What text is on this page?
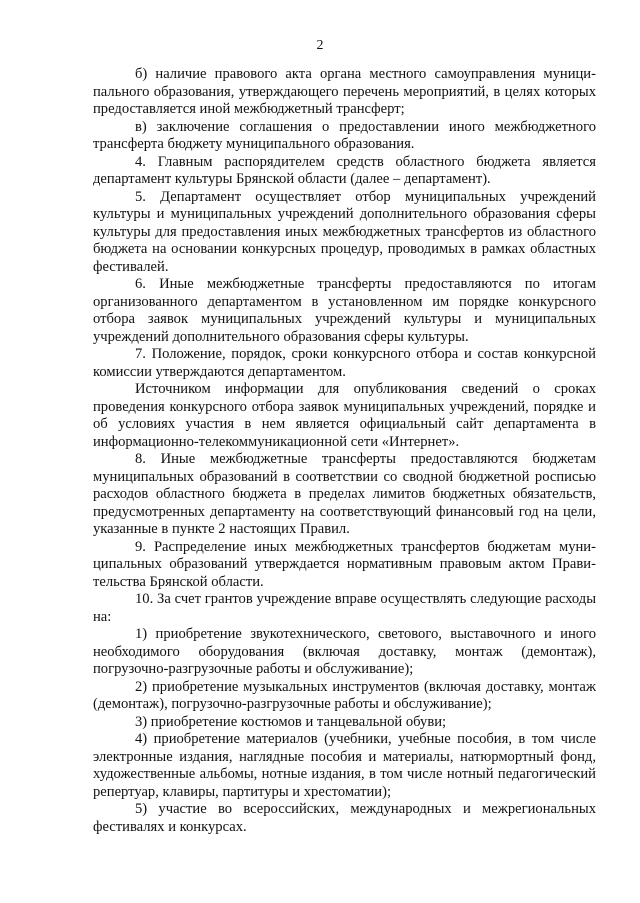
2

б) наличие правового акта органа местного самоуправления муниципального образования, утверждающего перечень мероприятий, в целях которых предоставляется иной межбюджетный трансферт;

в) заключение соглашения о предоставлении иного межбюджетного трансферта бюджету муниципального образования.

4. Главным распорядителем средств областного бюджета является департамент культуры Брянской области (далее – департамент).

5. Департамент осуществляет отбор муниципальных учреждений культуры и муниципальных учреждений дополнительного образования сферы культуры для предоставления иных межбюджетных трансфертов из областного бюджета на основании конкурсных процедур, проводимых в рамках областных фестивалей.

6. Иные межбюджетные трансферты предоставляются по итогам организованного департаментом в установленном им порядке конкурсного отбора заявок муниципальных учреждений культуры и муниципальных учреждений дополнительного образования сферы культуры.

7. Положение, порядок, сроки конкурсного отбора и состав конкурсной комиссии утверждаются департаментом.

Источником информации для опубликования сведений о сроках проведения конкурсного отбора заявок муниципальных учреждений, порядке и об условиях участия в нем является официальный сайт департамента в информационно-телекоммуникационной сети «Интернет».

8. Иные межбюджетные трансферты предоставляются бюджетам муниципальных образований в соответствии со сводной бюджетной росписью расходов областного бюджета в пределах лимитов бюджетных обязательств, предусмотренных департаменту на соответствующий финансовый год на цели, указанные в пункте 2 настоящих Правил.

9. Распределение иных межбюджетных трансфертов бюджетам муниципальных образований утверждается нормативным правовым актом Правительства Брянской области.

10. За счет грантов учреждение вправе осуществлять следующие расходы на:

1) приобретение звукотехнического, светового, выставочного и иного необходимого оборудования (включая доставку, монтаж (демонтаж), погрузочно-разгрузочные работы и обслуживание);

2) приобретение музыкальных инструментов (включая доставку, монтаж (демонтаж), погрузочно-разгрузочные работы и обслуживание);

3) приобретение костюмов и танцевальной обуви;

4) приобретение материалов (учебники, учебные пособия, в том числе электронные издания, наглядные пособия и материалы, натюрмортный фонд, художественные альбомы, нотные издания, в том числе нотный педагогический репертуар, клавиры, партитуры и хрестоматии);

5) участие во всероссийских, международных и межрегиональных фестивалях и конкурсах.
